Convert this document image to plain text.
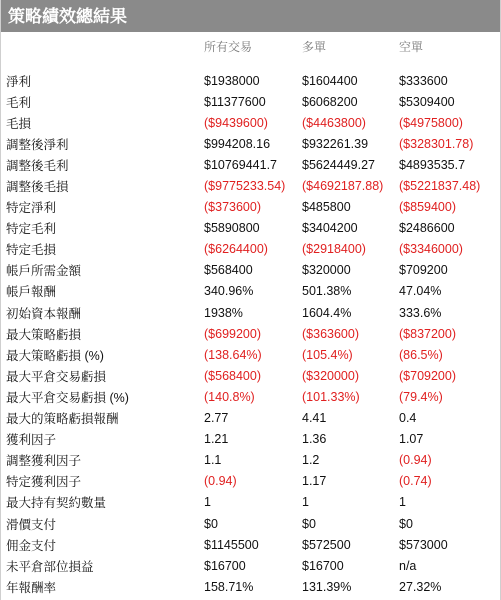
策略績效總結果
	所有交易	多單	空單

淨利	$1938000	$1604400	$333600
毛利	$11377600	$6068200	$5309400
毛損	($9439600)	($4463800)	($4975800)
調整後淨利	$994208.16	$932261.39	($328301.78)
調整後毛利	$10769441.7	$5624449.27	$4893535.7
調整後毛損	($9775233.54)	($4692187.88)	($5221837.48)
特定淨利	($373600)	$485800	($859400)
特定毛利	$5890800	$3404200	$2486600
特定毛損	($6264400)	($2918400)	($3346000)
帳戶所需金額	$568400	$320000	$709200
帳戶報酬	340.96%	501.38%	47.04%
初始資本報酬	1938%	1604.4%	333.6%
最大策略虧損	($699200)	($363600)	($837200)
最大策略虧損 (%)	(138.64%)	(105.4%)	(86.5%)
最大平倉交易虧損	($568400)	($320000)	($709200)
最大平倉交易虧損 (%)	(140.8%)	(101.33%)	(79.4%)
最大的策略虧損報酬	2.77	4.41	0.4
獲利因子	1.21	1.36	1.07
調整獲利因子	1.1	1.2	(0.94)
特定獲利因子	(0.94)	1.17	(0.74)
最大持有契約數量	1	1	1
滑價支付	$0	$0	$0
佣金支付	$1145500	$572500	$573000
未平倉部位損益	$16700	$16700	n/a
年報酬率	158.71%	131.39%	27.32%
